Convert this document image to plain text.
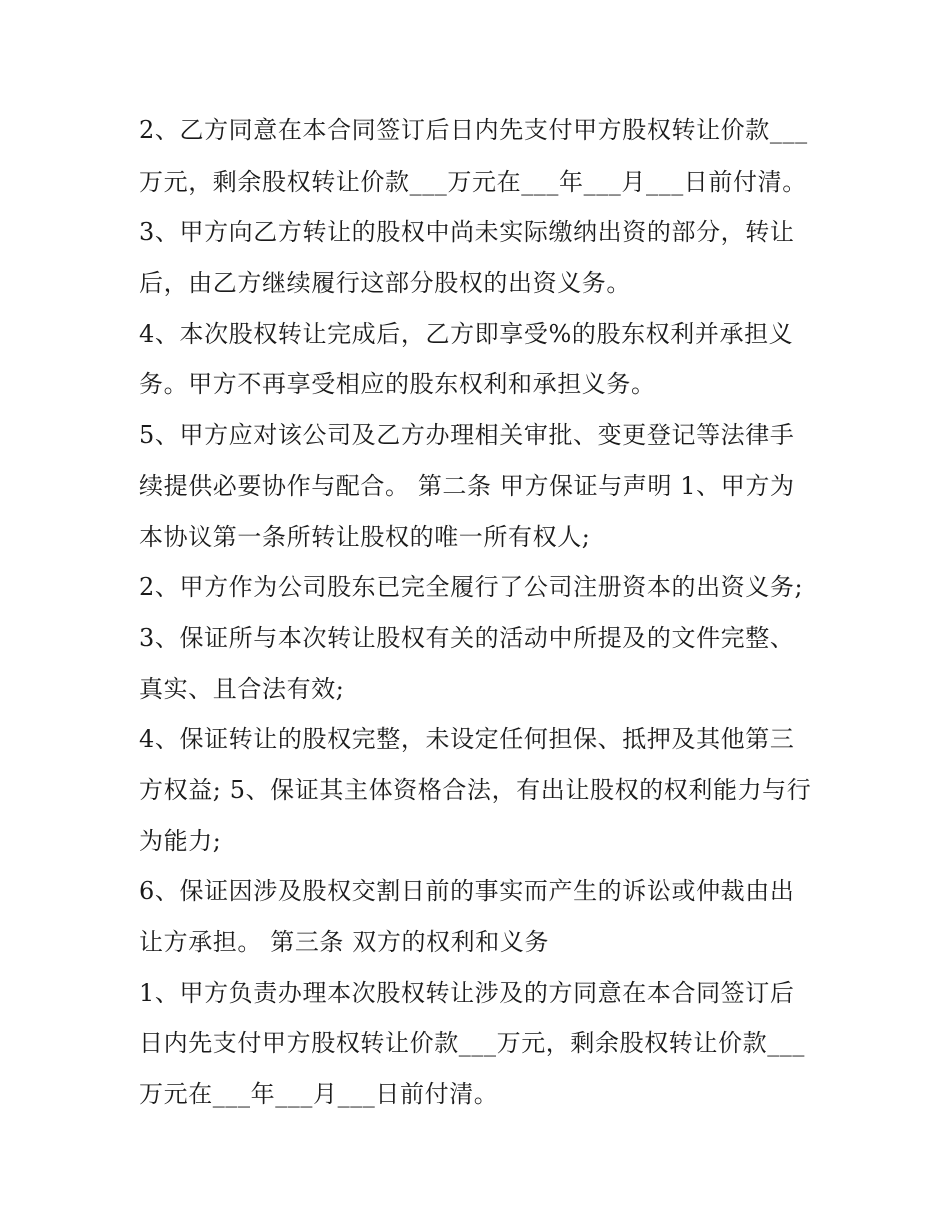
2、乙方同意在本合同签订后日内先支付甲方股权转让价款___

万元，剩余股权转让价款___万元在___年___月___日前付清。

3、甲方向乙方转让的股权中尚未实际缴纳出资的部分，转让

后，由乙方继续履行这部分股权的出资义务。

4、本次股权转让完成后，乙方即享受%的股东权利并承担义

务。甲方不再享受相应的股东权利和承担义务。

5、甲方应对该公司及乙方办理相关审批、变更登记等法律手

续提供必要协作与配合。 第二条 甲方保证与声明 1、甲方为

本协议第一条所转让股权的唯一所有权人;

2、甲方作为公司股东已完全履行了公司注册资本的出资义务;

3、保证所与本次转让股权有关的活动中所提及的文件完整、

真实、且合法有效;

4、保证转让的股权完整，未设定任何担保、抵押及其他第三

方权益; 5、保证其主体资格合法，有出让股权的权利能力与行

为能力;

6、保证因涉及股权交割日前的事实而产生的诉讼或仲裁由出

让方承担。 第三条 双方的权利和义务

1、甲方负责办理本次股权转让涉及的方同意在本合同签订后

日内先支付甲方股权转让价款___万元，剩余股权转让价款___

万元在___年___月___日前付清。
